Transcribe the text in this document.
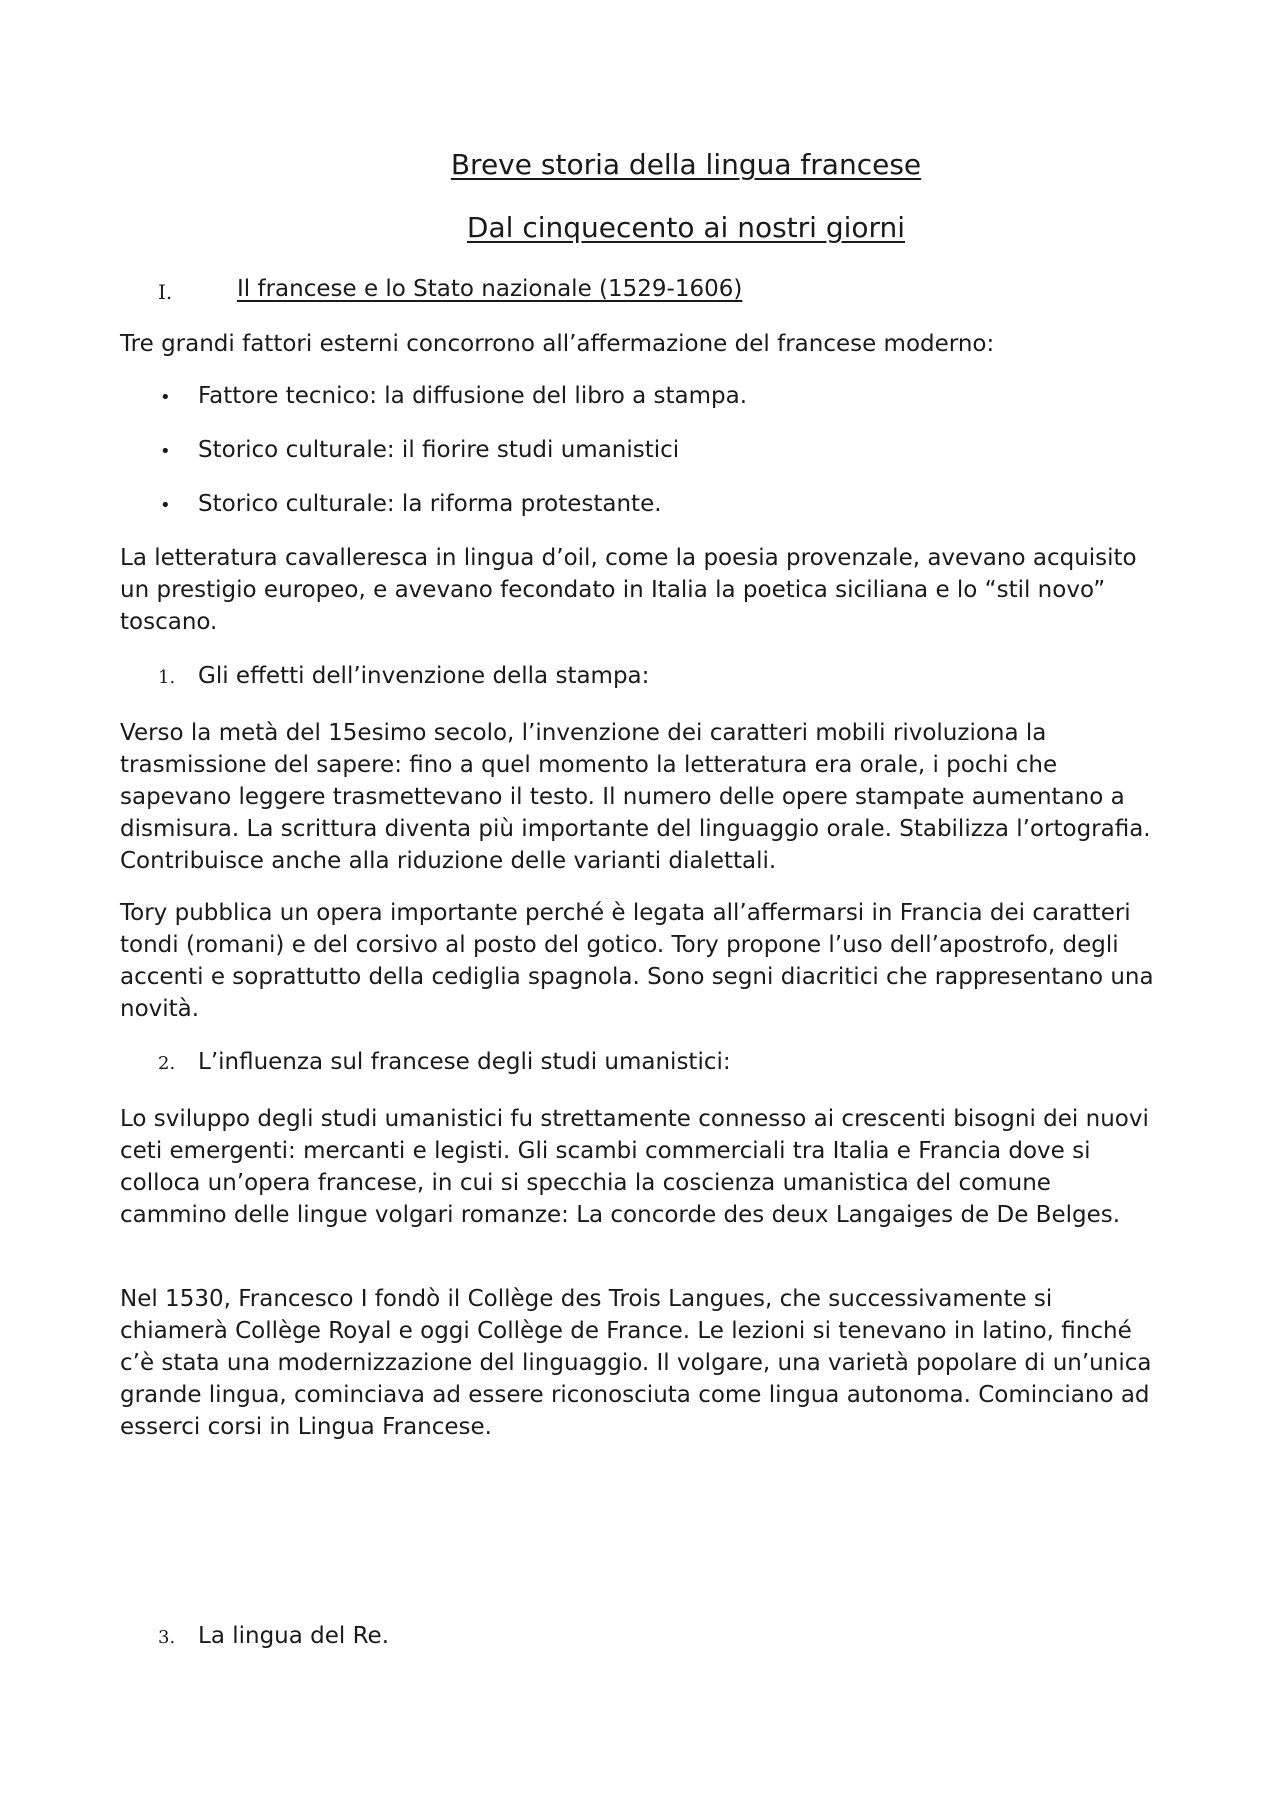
Breve storia della lingua francese
Dal cinquecento ai nostri giorni
I.	Il francese e lo Stato nazionale (1529-1606)

Tre grandi fattori esterni concorrono all’affermazione del francese moderno:

• Fattore tecnico: la diffusione del libro a stampa.
• Storico culturale: il fiorire studi umanistici
• Storico culturale: la riforma protestante.

La letteratura cavalleresca in lingua d’oil, come la poesia provenzale, avevano acquisito un prestigio europeo, e avevano fecondato in Italia la poetica siciliana e lo “stil novo” toscano.

1. Gli effetti dell’invenzione della stampa:

Verso la metà del 15esimo secolo, l’invenzione dei caratteri mobili rivoluziona la trasmissione del sapere: fino a quel momento la letteratura era orale, i pochi che sapevano leggere trasmettevano il testo. Il numero delle opere stampate aumentano a dismisura. La scrittura diventa più importante del linguaggio orale. Stabilizza l’ortografia. Contribuisce anche alla riduzione delle varianti dialettali.

Tory pubblica un opera importante perché è legata all’affermarsi in Francia dei caratteri tondi (romani) e del corsivo al posto del gotico. Tory propone l’uso dell’apostrofo, degli accenti e soprattutto della cediglia spagnola. Sono segni diacritici che rappresentano una novità.

2. L’influenza sul francese degli studi umanistici:

Lo sviluppo degli studi umanistici fu strettamente connesso ai crescenti bisogni dei nuovi ceti emergenti: mercanti e legisti. Gli scambi commerciali tra Italia e Francia dove si colloca un’opera francese, in cui si specchia la coscienza umanistica del comune cammino delle lingue volgari romanze: La concorde des deux Langaiges de De Belges.

Nel 1530, Francesco I fondò il Collège des Trois Langues, che successivamente si chiamerà Collège Royal e oggi Collège de France. Le lezioni si tenevano in latino, finché c’è stata una modernizzazione del linguaggio. Il volgare, una varietà popolare di un’unica grande lingua, cominciava ad essere riconosciuta come lingua autonoma. Cominciano ad esserci corsi in Lingua Francese.

3. La lingua del Re.
